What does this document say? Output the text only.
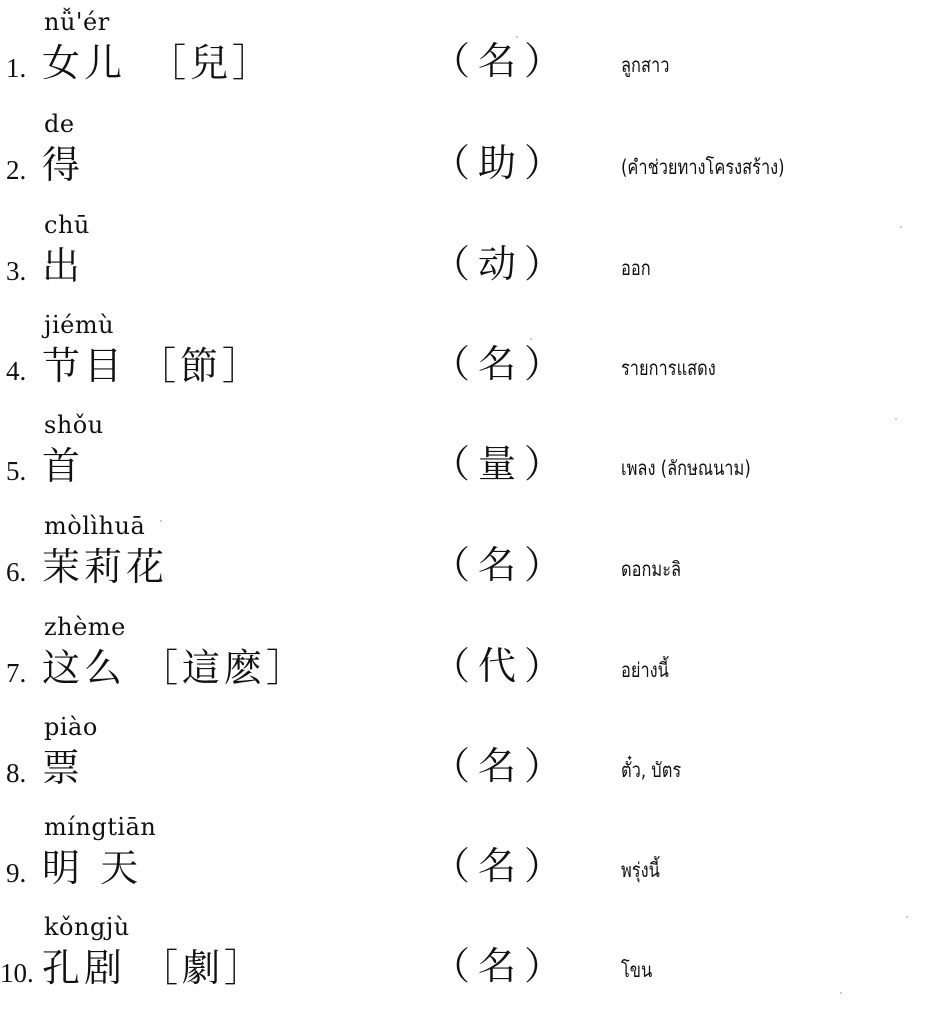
nǚ'ér
1. 女儿 ［兒］	（名）	ลูกสาว
de
2. 得	（助）	(คำช่วยทางโครงสร้าง)
chū
3. 出	（动）	ออก
jiémù
4. 节目 ［節］	（名）	รายการแสดง
shǒu
5. 首	（量）	เพลง (ลักษณนาม)
mòlìhuā
6. 茉莉花	（名）	ดอกมะลิ
zhème
7. 这么 ［這麽］	（代）	อย่างนี้
piào
8. 票	（名）	ตั๋ว, บัตร
míngtiān
9. 明 天	（名）	พรุ่งนี้
kǒngjù
10. 孔剧 ［劇］	（名）	โขน
